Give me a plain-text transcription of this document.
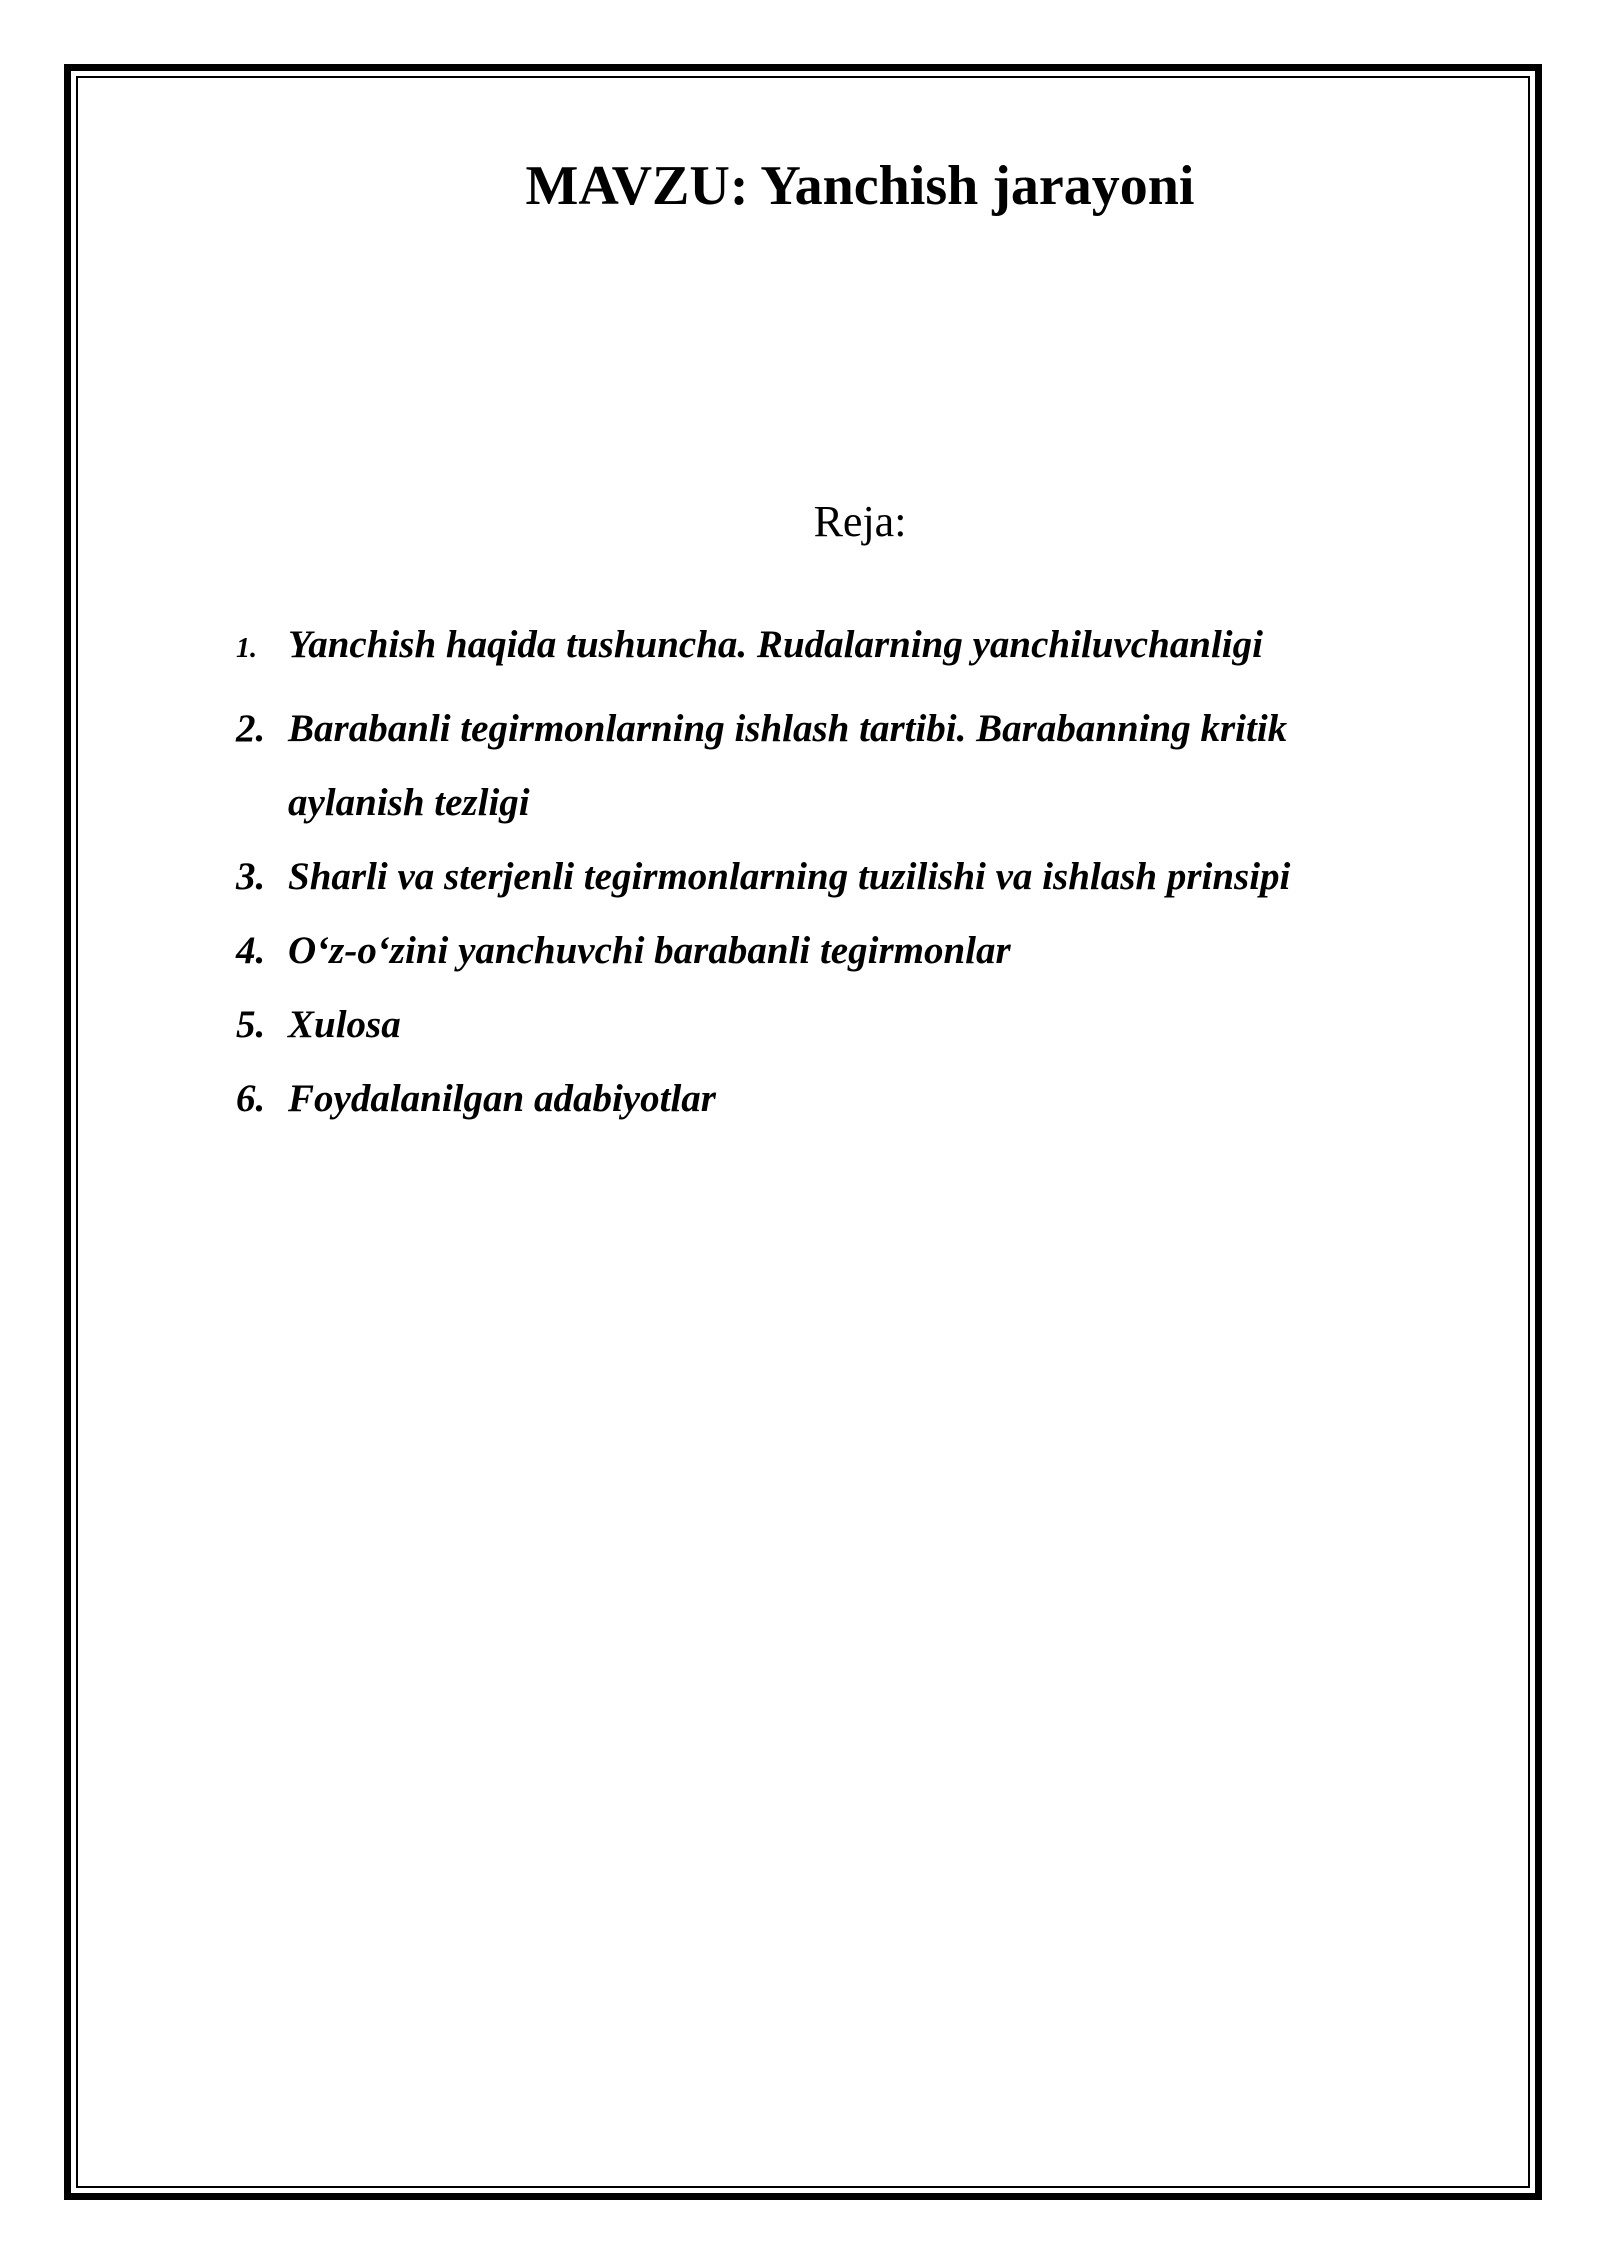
MAVZU: Yanchish jarayoni
Reja:
1. Yanchish haqida tushuncha. Rudalarning yanchiluvchanligi
2. Barabanli tegirmonlarning ishlash tartibi. Barabanning kritik aylanish tezligi
3. Sharli va sterjenli tegirmonlarning tuzilishi va ishlash prinsipi
4. O‘z-o‘zini yanchuvchi barabanli tegirmonlar
5. Xulosa
6. Foydalanilgan adabiyotlar
